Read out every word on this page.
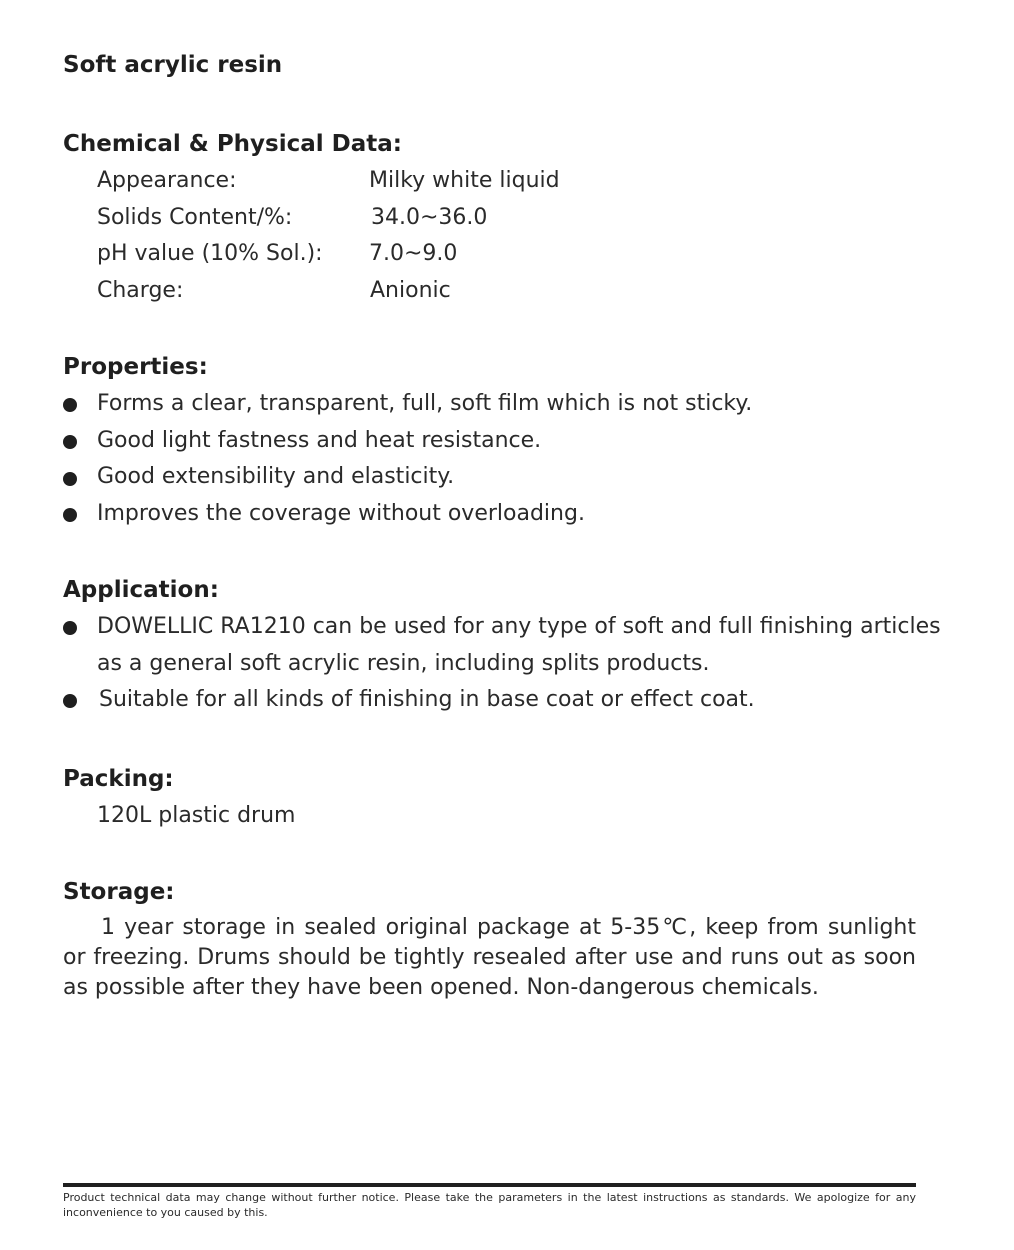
Soft acrylic resin
Chemical & Physical Data:
Appearance:	Milky white liquid
Solids Content/%:	34.0~36.0
pH value (10% Sol.): 7.0~9.0
Charge:	Anionic
Properties:
Forms a clear, transparent, full, soft film which is not sticky.
Good light fastness and heat resistance.
Good extensibility and elasticity.
Improves the coverage without overloading.
Application:
DOWELLIC RA1210 can be used for any type of soft and full finishing articles
as a general soft acrylic resin, including splits products.
Suitable for all kinds of finishing in base coat or effect coat.
Packing:
120L plastic drum
Storage:
1 year storage in sealed original package at 5-35℃, keep from sunlight or freezing. Drums should be tightly resealed after use and runs out as soon as possible after they have been opened. Non-dangerous chemicals.
Product technical data may change without further notice. Please take the parameters in the latest instructions as standards. We apologize for any inconvenience to you caused by this.
